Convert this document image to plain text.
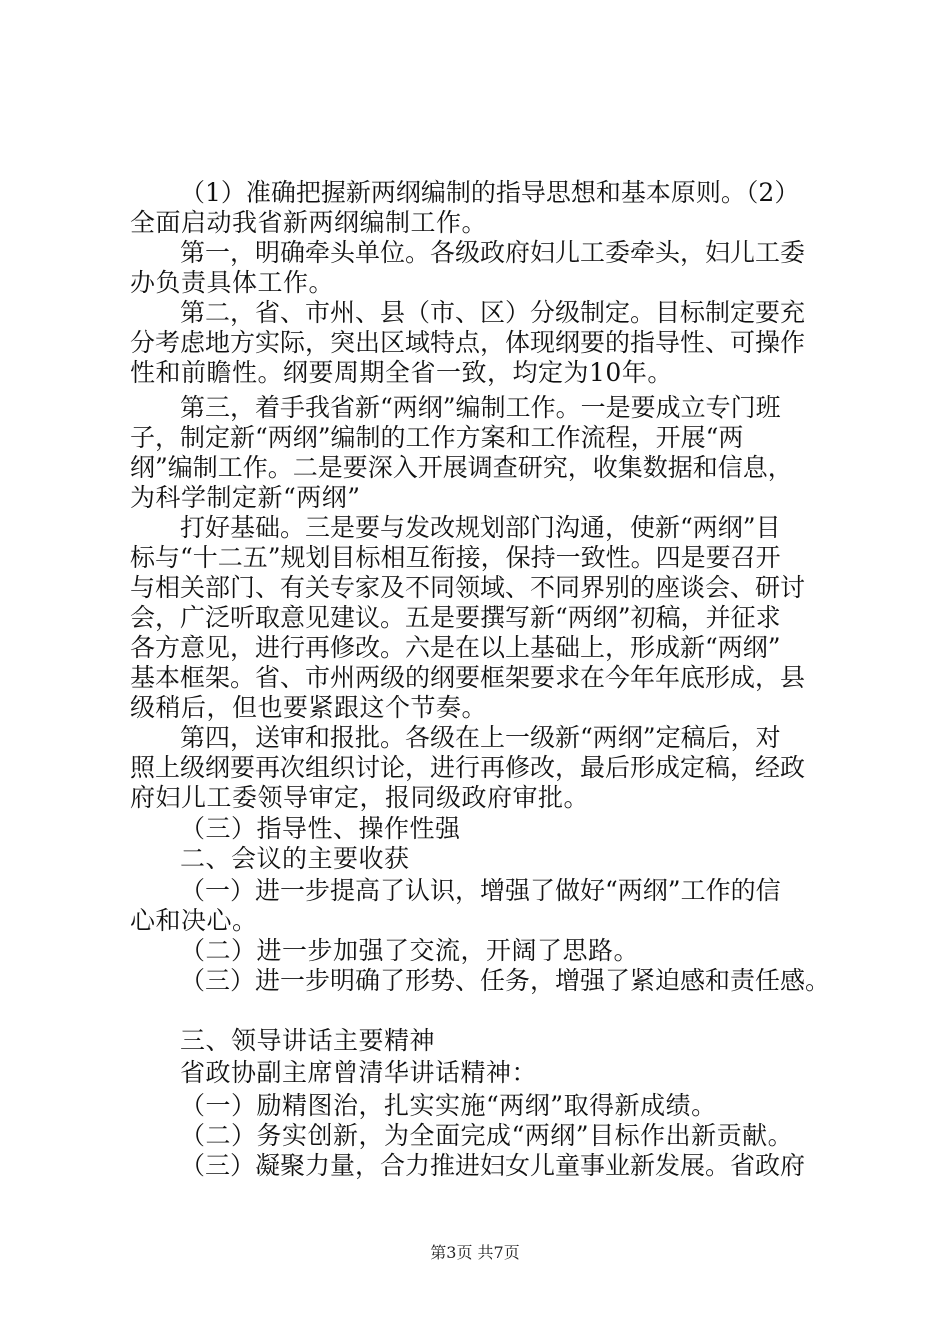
（1）准确把握新两纲编制的指导思想和基本原则。（2）
全面启动我省新两纲编制工作。
第一，明确牵头单位。各级政府妇儿工委牵头，妇儿工委
办负责具体工作。
第二，省、市州、县（市、区）分级制定。目标制定要充
分考虑地方实际，突出区域特点，体现纲要的指导性、可操作
性和前瞻性。纲要周期全省一致，均定为10年。
第三，着手我省新“两纲”编制工作。一是要成立专门班
子，制定新“两纲”编制的工作方案和工作流程，开展“两
纲”编制工作。二是要深入开展调查研究，收集数据和信息，
为科学制定新“两纲”
打好基础。三是要与发改规划部门沟通，使新“两纲”目
标与“十二五”规划目标相互衔接，保持一致性。四是要召开
与相关部门、有关专家及不同领域、不同界别的座谈会、研讨
会，广泛听取意见建议。五是要撰写新“两纲”初稿，并征求
各方意见，进行再修改。六是在以上基础上，形成新“两纲”
基本框架。省、市州两级的纲要框架要求在今年年底形成，县
级稍后，但也要紧跟这个节奏。
第四，送审和报批。各级在上一级新“两纲”定稿后，对
照上级纲要再次组织讨论，进行再修改，最后形成定稿，经政
府妇儿工委领导审定，报同级政府审批。
（三）指导性、操作性强
二、会议的主要收获
（一）进一步提高了认识，增强了做好“两纲”工作的信
心和决心。
（二）进一步加强了交流，开阔了思路。
（三）进一步明确了形势、任务，增强了紧迫感和责任感。
三、领导讲话主要精神
省政协副主席曾清华讲话精神：
（一）励精图治，扎实实施“两纲”取得新成绩。
（二）务实创新，为全面完成“两纲”目标作出新贡献。
（三）凝聚力量，合力推进妇女儿童事业新发展。省政府
第3页 共7页
